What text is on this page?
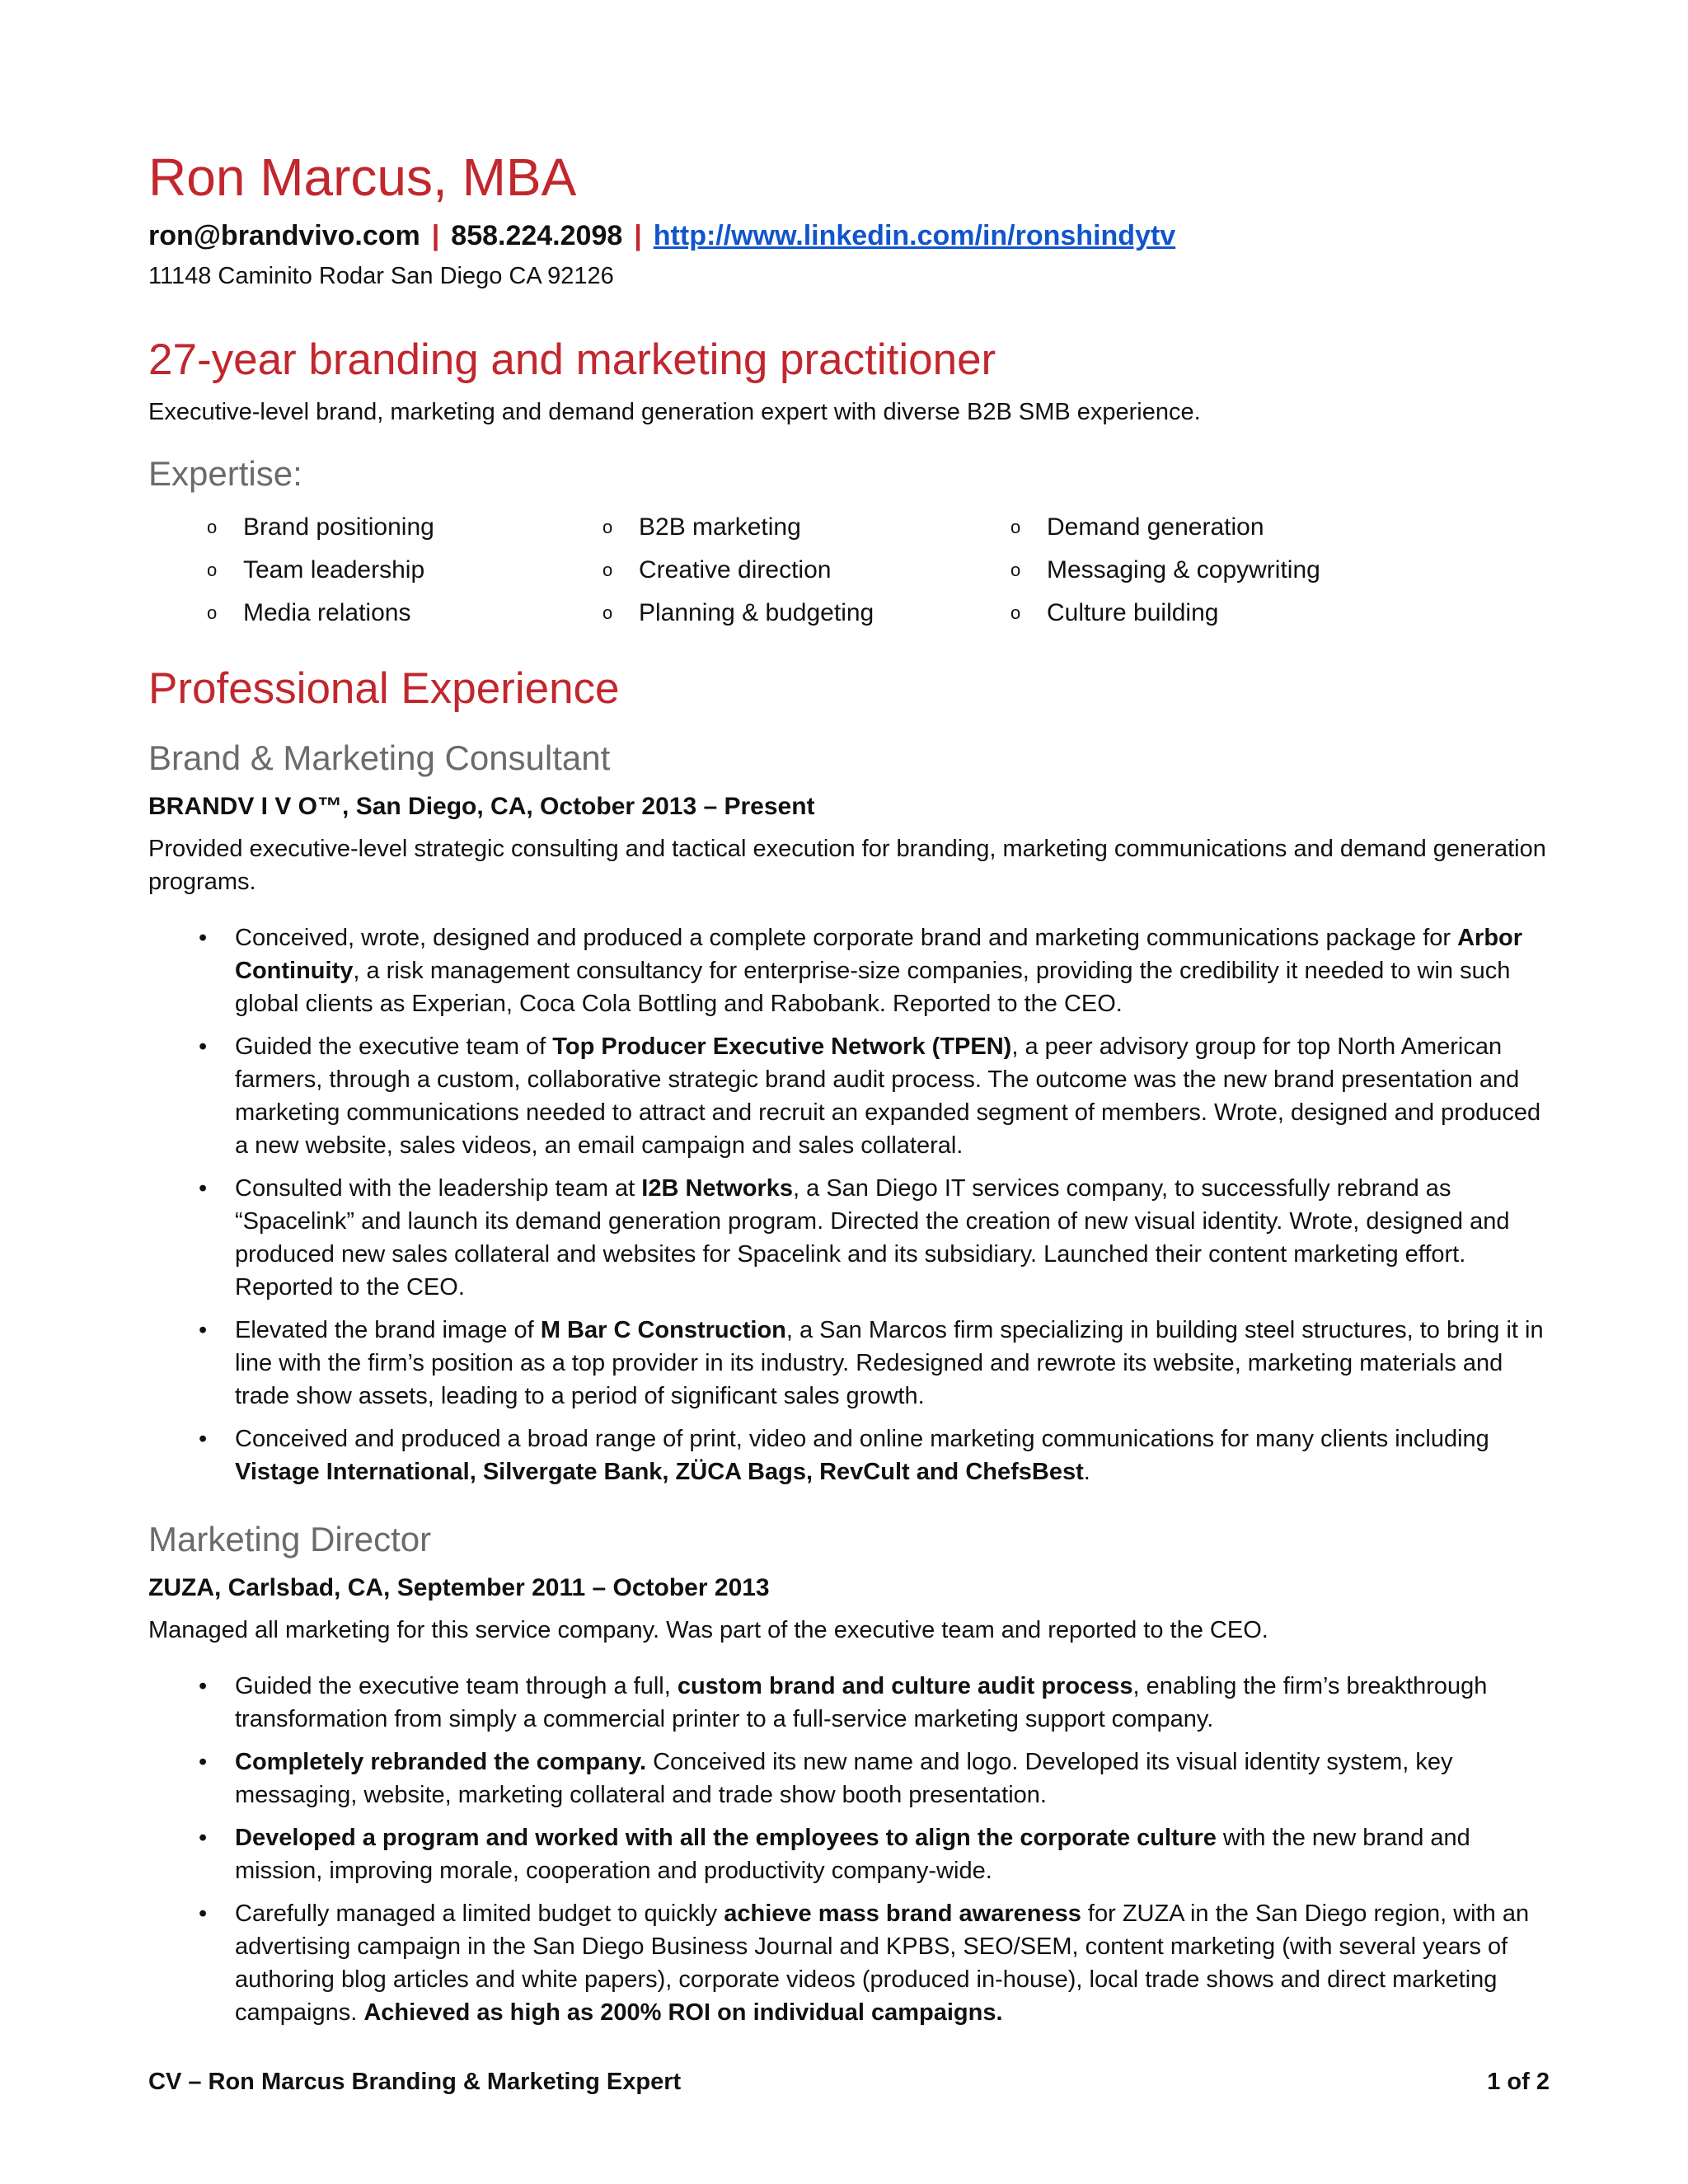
Ron Marcus, MBA
ron@brandvivo.com | 858.224.2098 | http://www.linkedin.com/in/ronshindytv
11148 Caminito Rodar San Diego CA 92126
27-year branding and marketing practitioner
Executive-level brand, marketing and demand generation expert with diverse B2B SMB experience.
Expertise:
o Brand positioning	o B2B marketing	o Demand generation
o Team leadership	o Creative direction	o Messaging & copywriting
o Media relations	o Planning & budgeting	o Culture building
Professional Experience
Brand & Marketing Consultant
BRANDV I V O™, San Diego, CA, October 2013 – Present
Provided executive-level strategic consulting and tactical execution for branding, marketing communications and demand generation programs.
• Conceived, wrote, designed and produced a complete corporate brand and marketing communications package for Arbor Continuity, a risk management consultancy for enterprise-size companies, providing the credibility it needed to win such global clients as Experian, Coca Cola Bottling and Rabobank. Reported to the CEO.
• Guided the executive team of Top Producer Executive Network (TPEN), a peer advisory group for top North American farmers, through a custom, collaborative strategic brand audit process. The outcome was the new brand presentation and marketing communications needed to attract and recruit an expanded segment of members. Wrote, designed and produced a new website, sales videos, an email campaign and sales collateral.
• Consulted with the leadership team at I2B Networks, a San Diego IT services company, to successfully rebrand as “Spacelink” and launch its demand generation program. Directed the creation of new visual identity. Wrote, designed and produced new sales collateral and websites for Spacelink and its subsidiary. Launched their content marketing effort. Reported to the CEO.
• Elevated the brand image of M Bar C Construction, a San Marcos firm specializing in building steel structures, to bring it in line with the firm’s position as a top provider in its industry. Redesigned and rewrote its website, marketing materials and trade show assets, leading to a period of significant sales growth.
• Conceived and produced a broad range of print, video and online marketing communications for many clients including Vistage International, Silvergate Bank, ZÜCA Bags, RevCult and ChefsBest.
Marketing Director
ZUZA, Carlsbad, CA, September 2011 – October 2013
Managed all marketing for this service company. Was part of the executive team and reported to the CEO.
• Guided the executive team through a full, custom brand and culture audit process, enabling the firm’s breakthrough transformation from simply a commercial printer to a full-service marketing support company.
• Completely rebranded the company. Conceived its new name and logo. Developed its visual identity system, key messaging, website, marketing collateral and trade show booth presentation.
• Developed a program and worked with all the employees to align the corporate culture with the new brand and mission, improving morale, cooperation and productivity company-wide.
• Carefully managed a limited budget to quickly achieve mass brand awareness for ZUZA in the San Diego region, with an advertising campaign in the San Diego Business Journal and KPBS, SEO/SEM, content marketing (with several years of authoring blog articles and white papers), corporate videos (produced in-house), local trade shows and direct marketing campaigns. Achieved as high as 200% ROI on individual campaigns.
CV – Ron Marcus Branding & Marketing Expert	1 of 2
